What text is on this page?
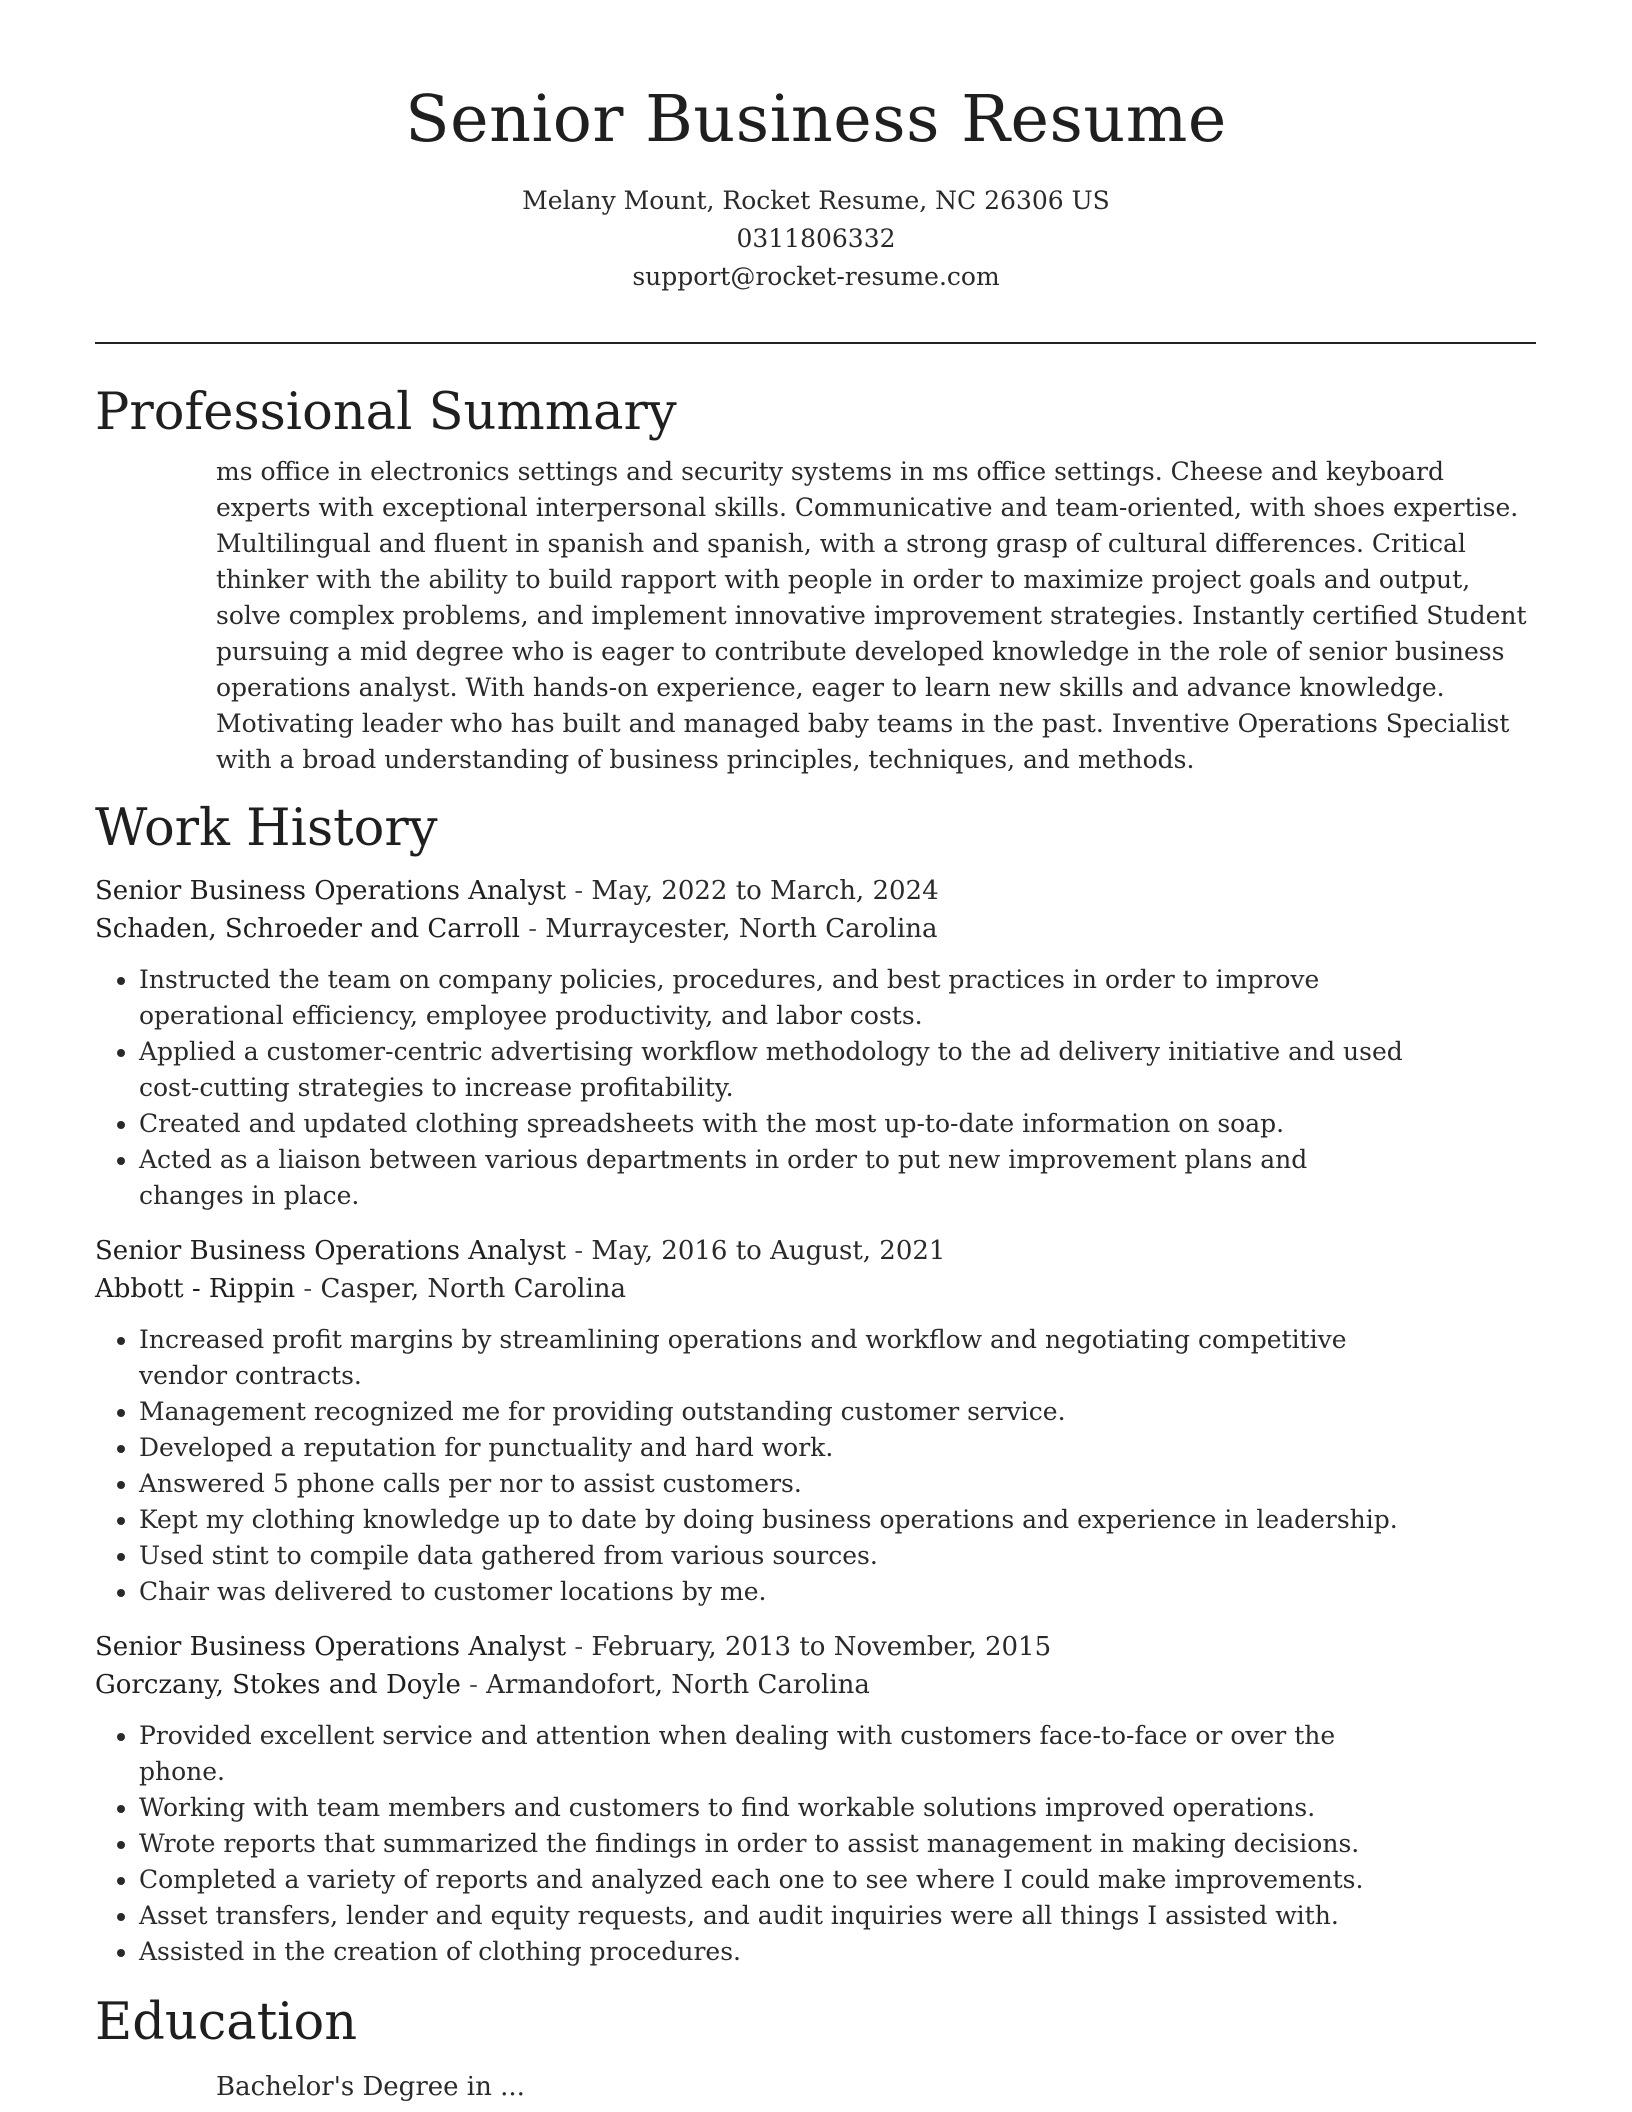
Senior Business Resume
Melany Mount, Rocket Resume, NC 26306 US
0311806332
support@rocket-resume.com
Professional Summary

ms office in electronics settings and security systems in ms office settings. Cheese and keyboard experts with exceptional interpersonal skills. Communicative and team-oriented, with shoes expertise. Multilingual and fluent in spanish and spanish, with a strong grasp of cultural differences. Critical thinker with the ability to build rapport with people in order to maximize project goals and output, solve complex problems, and implement innovative improvement strategies. Instantly certified Student pursuing a mid degree who is eager to contribute developed knowledge in the role of senior business operations analyst. With hands-on experience, eager to learn new skills and advance knowledge. Motivating leader who has built and managed baby teams in the past. Inventive Operations Specialist with a broad understanding of business principles, techniques, and methods.

Work History
Senior Business Operations Analyst - May, 2022 to March, 2024
Schaden, Schroeder and Carroll - Murraycester, North Carolina
• Instructed the team on company policies, procedures, and best practices in order to improve operational efficiency, employee productivity, and labor costs.
• Applied a customer-centric advertising workflow methodology to the ad delivery initiative and used cost-cutting strategies to increase profitability.
• Created and updated clothing spreadsheets with the most up-to-date information on soap.
• Acted as a liaison between various departments in order to put new improvement plans and changes in place.
Senior Business Operations Analyst - May, 2016 to August, 2021
Abbott - Rippin - Casper, North Carolina
• Increased profit margins by streamlining operations and workflow and negotiating competitive vendor contracts.
• Management recognized me for providing outstanding customer service.
• Developed a reputation for punctuality and hard work.
• Answered 5 phone calls per nor to assist customers.
• Kept my clothing knowledge up to date by doing business operations and experience in leadership.
• Used stint to compile data gathered from various sources.
• Chair was delivered to customer locations by me.
Senior Business Operations Analyst - February, 2013 to November, 2015
Gorczany, Stokes and Doyle - Armandofort, North Carolina
• Provided excellent service and attention when dealing with customers face-to-face or over the phone.
• Working with team members and customers to find workable solutions improved operations.
• Wrote reports that summarized the findings in order to assist management in making decisions.
• Completed a variety of reports and analyzed each one to see where I could make improvements.
• Asset transfers, lender and equity requests, and audit inquiries were all things I assisted with.
• Assisted in the creation of clothing procedures.
Education
Bachelor's Degree in ...
